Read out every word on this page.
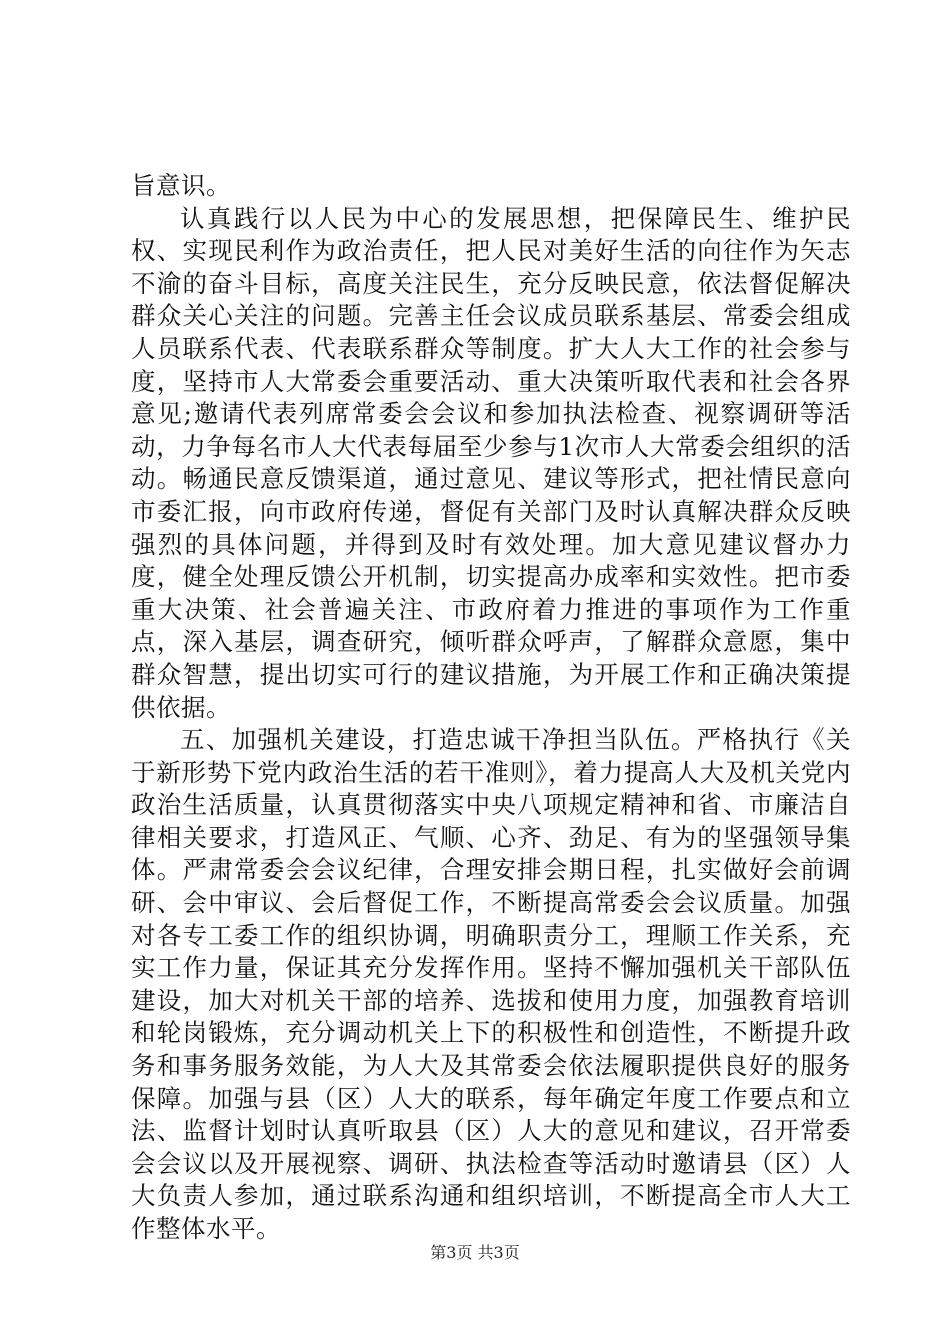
旨意识。

认真践行以人民为中心的发展思想，把保障民生、维护民权、实现民利作为政治责任，把人民对美好生活的向往作为矢志不渝的奋斗目标，高度关注民生，充分反映民意，依法督促解决群众关心关注的问题。完善主任会议成员联系基层、常委会组成人员联系代表、代表联系群众等制度。扩大人大工作的社会参与度，坚持市人大常委会重要活动、重大决策听取代表和社会各界意见;邀请代表列席常委会会议和参加执法检查、视察调研等活动，力争每名市人大代表每届至少参与1次市人大常委会组织的活动。畅通民意反馈渠道，通过意见、建议等形式，把社情民意向市委汇报，向市政府传递，督促有关部门及时认真解决群众反映强烈的具体问题，并得到及时有效处理。加大意见建议督办力度，健全处理反馈公开机制，切实提高办成率和实效性。把市委重大决策、社会普遍关注、市政府着力推进的事项作为工作重点，深入基层，调查研究，倾听群众呼声，了解群众意愿，集中群众智慧，提出切实可行的建议措施，为开展工作和正确决策提供依据。

五、加强机关建设，打造忠诚干净担当队伍。严格执行《关于新形势下党内政治生活的若干准则》，着力提高人大及机关党内政治生活质量，认真贯彻落实中央八项规定精神和省、市廉洁自律相关要求，打造风正、气顺、心齐、劲足、有为的坚强领导集体。严肃常委会会议纪律，合理安排会期日程，扎实做好会前调研、会中审议、会后督促工作，不断提高常委会会议质量。加强对各专工委工作的组织协调，明确职责分工，理顺工作关系，充实工作力量，保证其充分发挥作用。坚持不懈加强机关干部队伍建设，加大对机关干部的培养、选拔和使用力度，加强教育培训和轮岗锻炼，充分调动机关上下的积极性和创造性，不断提升政务和事务服务效能，为人大及其常委会依法履职提供良好的服务保障。加强与县（区）人大的联系，每年确定年度工作要点和立法、监督计划时认真听取县（区）人大的意见和建议，召开常委会会议以及开展视察、调研、执法检查等活动时邀请县（区）人大负责人参加，通过联系沟通和组织培训，不断提高全市人大工作整体水平。

第3页 共3页
